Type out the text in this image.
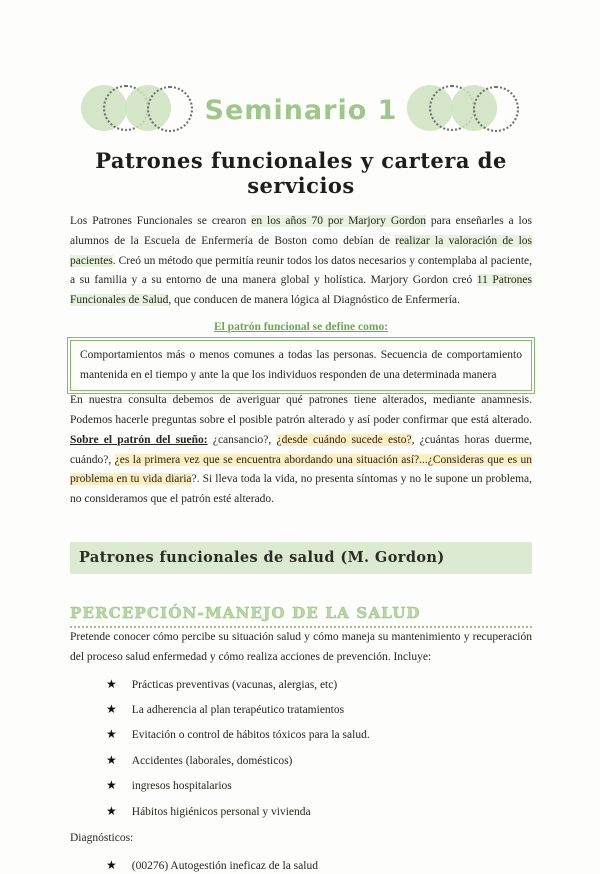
Seminario 1
Patrones funcionales y cartera de servicios

Los Patrones Funcionales se crearon en los años 70 por Marjory Gordon para enseñarles a los alumnos de la Escuela de Enfermería de Boston como debían de realizar la valoración de los pacientes. Creó un método que permitía reunir todos los datos necesarios y contemplaba al paciente, a su familia y a su entorno de una manera global y holística. Marjory Gordon creó 11 Patrones Funcionales de Salud, que conducen de manera lógica al Diagnóstico de Enfermería.

El patrón funcional se define como:

Comportamientos más o menos comunes a todas las personas. Secuencia de comportamiento mantenida en el tiempo y ante la que los individuos responden de una determinada manera

En nuestra consulta debemos de averiguar qué patrones tiene alterados, mediante anamnesis. Podemos hacerle preguntas sobre el posible patrón alterado y así poder confirmar que está alterado. Sobre el patrón del sueño: ¿cansancio?, ¿desde cuándo sucede esto?, ¿cuántas horas duerme, cuándo?, ¿es la primera vez que se encuentra abordando una situación así?...¿Consideras que es un problema en tu vida diaria?. Si lleva toda la vida, no presenta síntomas y no le supone un problema, no consideramos que el patrón esté alterado.

Patrones funcionales de salud (M. Gordon)
PERCEPCIÓN-MANEJO DE LA SALUD

Pretende conocer cómo percibe su situación salud y cómo maneja su mantenimiento y recuperación del proceso salud enfermedad y cómo realiza acciones de prevención. Incluye:

★
Prácticas preventivas (vacunas, alergias, etc)
★
La adherencia al plan terapéutico tratamientos
★
Evitación o control de hábitos tóxicos para la salud.
★
Accidentes (laborales, domésticos)
★
ingresos hospitalarios
★
Hábitos higiénicos personal y vivienda

Diagnósticos:

★
(00276) Autogestión ineficaz de la salud
